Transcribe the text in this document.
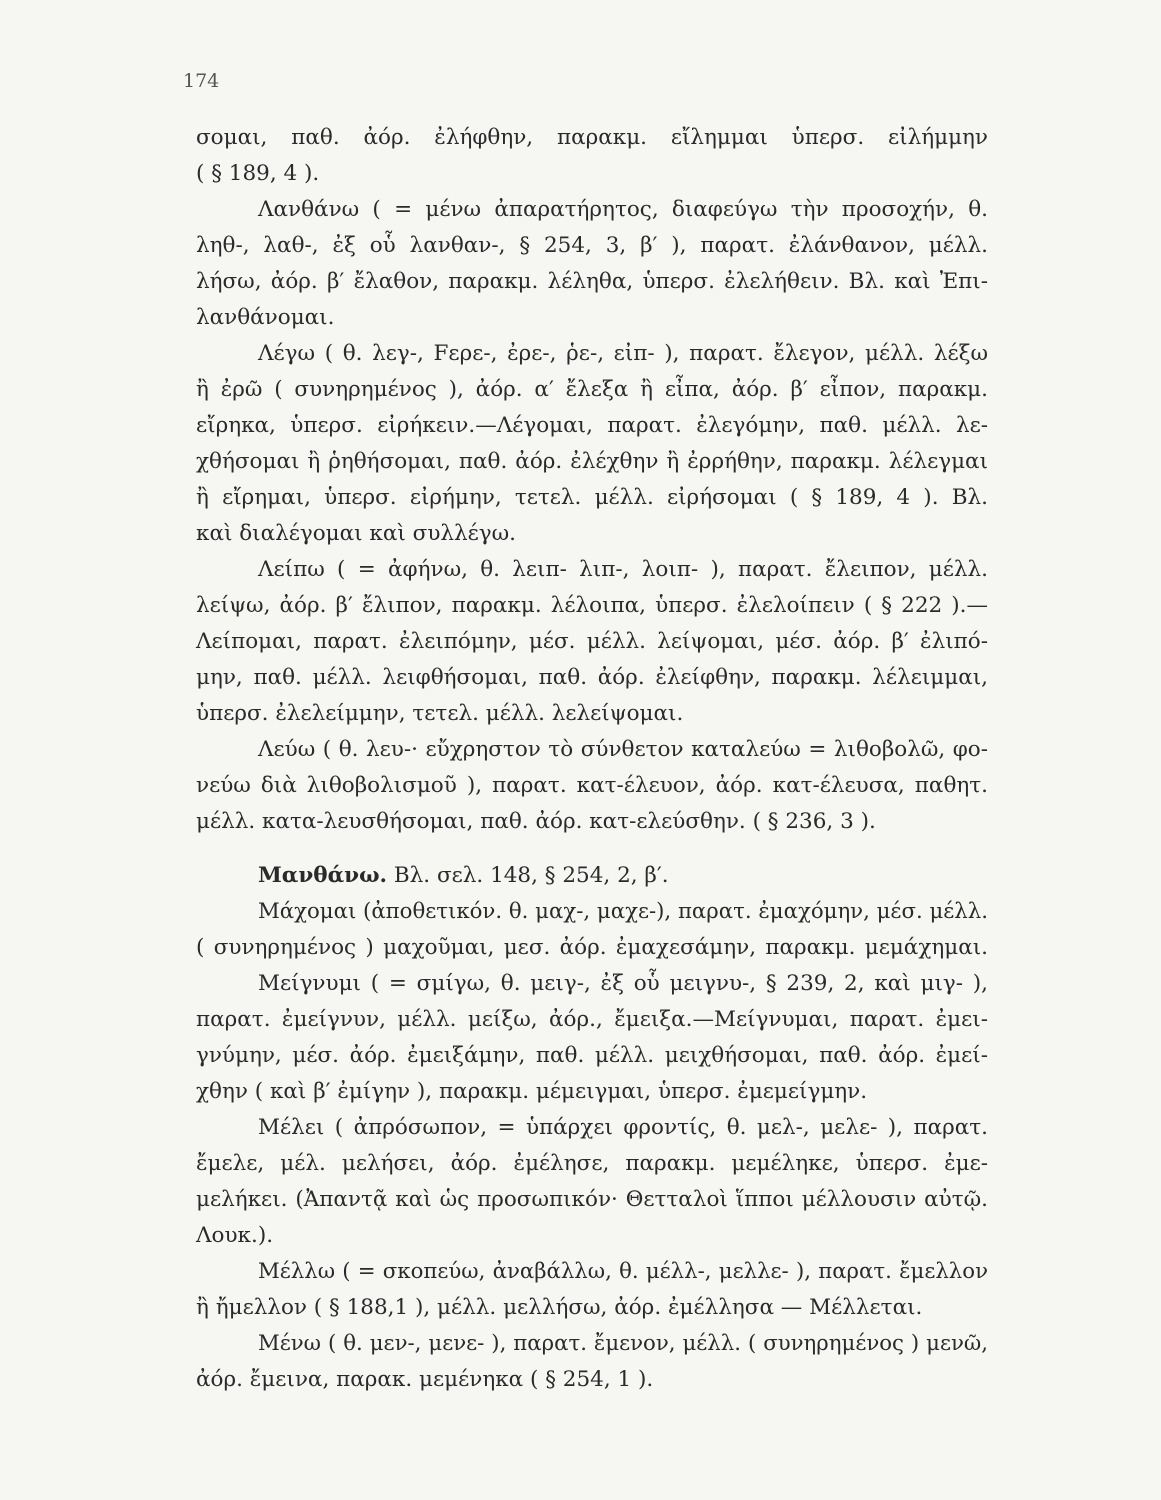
174
σομαι, παθ. ἀόρ. ἐλήφθην, παρακμ. εἴλημμαι ὑπερσ. εἰλήμμην
( § 189, 4 ).
Λανθάνω ( = μένω ἀπαρατήρητος, διαφεύγω τὴν προσοχήν, θ.
ληθ-, λαθ-, ἐξ οὗ λανθαν-, § 254, 3, β′ ), παρατ. ἐλάνθανον, μέλλ.
λήσω, ἀόρ. β′ ἔλαθον, παρακμ. λέληθα, ὑπερσ. ἐλελήθειν. Βλ. καὶ Ἐπι-
λανθάνομαι.
Λέγω ( θ. λεγ-, Fερε-, ἐρε-, ῥε-, εἰπ- ), παρατ. ἔλεγον, μέλλ. λέξω
ἢ ἐρῶ ( συνηρημένος ), ἀόρ. α′ ἔλεξα ἢ εἶπα, ἀόρ. β′ εἶπον, παρακμ.
εἴρηκα, ὑπερσ. εἰρήκειν.—Λέγομαι, παρατ. ἐλεγόμην, παθ. μέλλ. λε-
χθήσομαι ἢ ῥηθήσομαι, παθ. ἀόρ. ἐλέχθην ἢ ἐρρήθην, παρακμ. λέλεγμαι
ἢ εἴρημαι, ὑπερσ. εἰρήμην, τετελ. μέλλ. εἰρήσομαι ( § 189, 4 ). Βλ.
καὶ διαλέγομαι καὶ συλλέγω.
Λείπω ( = ἀφήνω, θ. λειπ- λιπ-, λοιπ- ), παρατ. ἔλειπον, μέλλ.
λείψω, ἀόρ. β′ ἔλιπον, παρακμ. λέλοιπα, ὑπερσ. ἐλελοίπειν ( § 222 ).—
Λείπομαι, παρατ. ἐλειπόμην, μέσ. μέλλ. λείψομαι, μέσ. ἀόρ. β′ ἐλιπό-
μην, παθ. μέλλ. λειφθήσομαι, παθ. ἀόρ. ἐλείφθην, παρακμ. λέλειμμαι,
ὑπερσ. ἐλελείμμην, τετελ. μέλλ. λελείψομαι.
Λεύω ( θ. λευ-· εὔχρηστον τὸ σύνθετον καταλεύω = λιθοβολῶ, φο-
νεύω διὰ λιθοβολισμοῦ ), παρατ. κατ-έλευον, ἀόρ. κατ-έλευσα, παθητ.
μέλλ. κατα-λευσθήσομαι, παθ. ἀόρ. κατ-ελεύσθην. ( § 236, 3 ).
Μανθάνω. Βλ. σελ. 148, § 254, 2, β′.
Μάχομαι (ἀποθετικόν. θ. μαχ-, μαχε-), παρατ. ἐμαχόμην, μέσ. μέλλ.
( συνηρημένος ) μαχοῦμαι, μεσ. ἀόρ. ἐμαχεσάμην, παρακμ. μεμάχημαι.
Μείγνυμι ( = σμίγω, θ. μειγ-, ἐξ οὗ μειγνυ-, § 239, 2, καὶ μιγ- ),
παρατ. ἐμείγνυν, μέλλ. μείξω, ἀόρ., ἔμειξα.—Μείγνυμαι, παρατ. ἐμει-
γνύμην, μέσ. ἀόρ. ἐμειξάμην, παθ. μέλλ. μειχθήσομαι, παθ. ἀόρ. ἐμεί-
χθην ( καὶ β′ ἐμίγην ), παρακμ. μέμειγμαι, ὑπερσ. ἐμεμείγμην.
Μέλει ( ἀπρόσωπον, = ὑπάρχει φροντίς, θ. μελ-, μελε- ), παρατ.
ἔμελε, μέλ. μελήσει, ἀόρ. ἐμέλησε, παρακμ. μεμέληκε, ὑπερσ. ἐμε-
μελήκει. (Ἀπαντᾷ καὶ ὡς προσωπικόν· Θετταλοὶ ἵπποι μέλλουσιν αὐτῷ.
Λουκ.).
Μέλλω ( = σκοπεύω, ἀναβάλλω, θ. μέλλ-, μελλε- ), παρατ. ἔμελλον
ἢ ἤμελλον ( § 188,1 ), μέλλ. μελλήσω, ἀόρ. ἐμέλλησα — Μέλλεται.
Μένω ( θ. μεν-, μενε- ), παρατ. ἔμενον, μέλλ. ( συνηρημένος ) μενῶ,
ἀόρ. ἔμεινα, παρακ. μεμένηκα ( § 254, 1 ).
